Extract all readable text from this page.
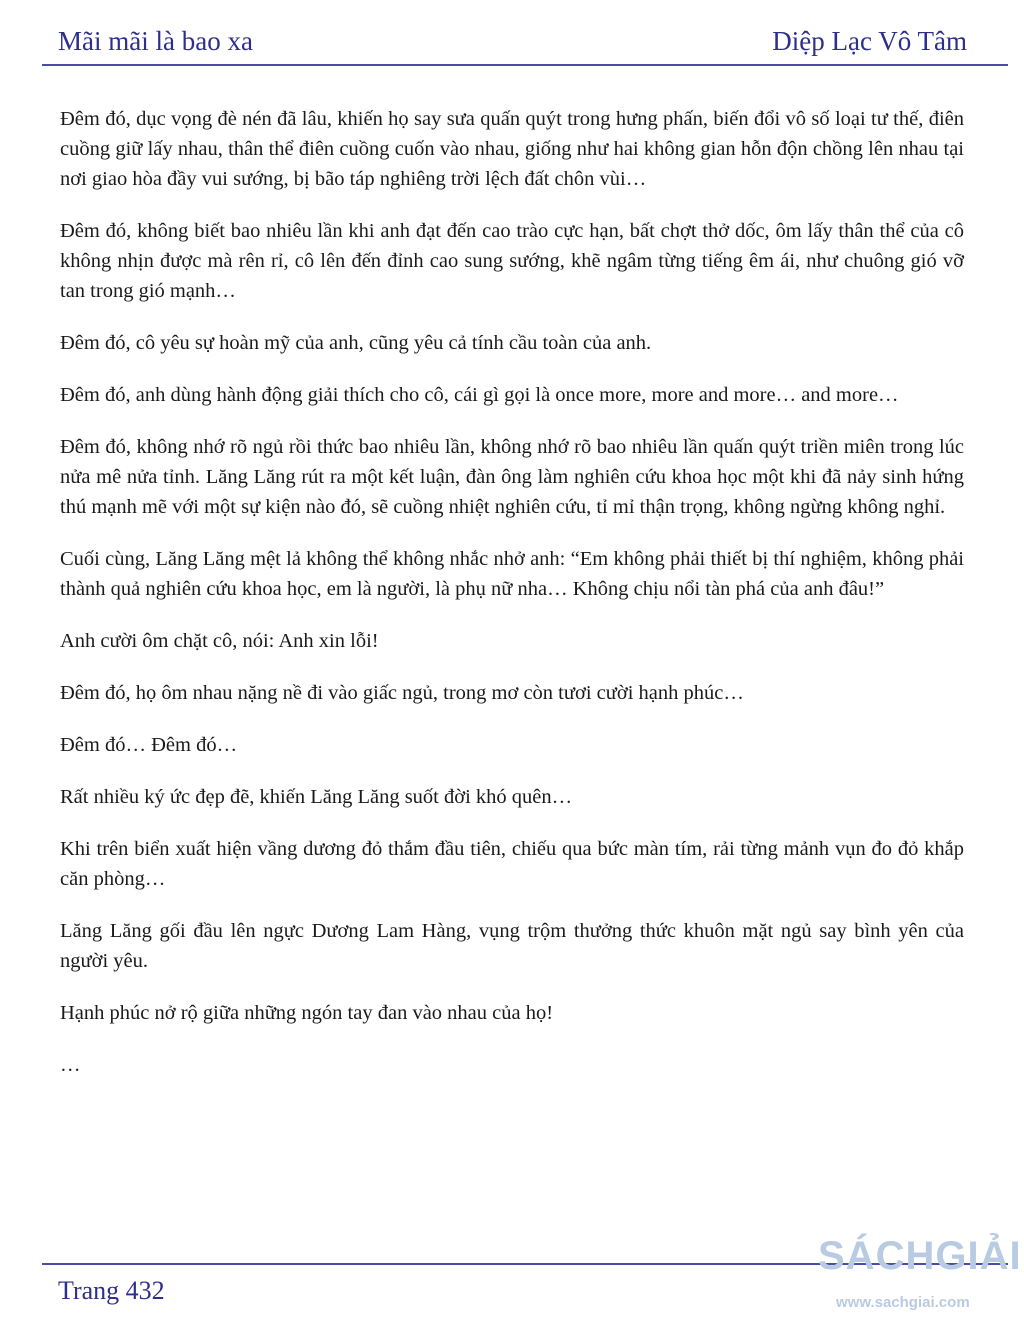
Mãi mãi là bao xa	Diệp Lạc Vô Tâm

Đêm đó, dục vọng đè nén đã lâu, khiến họ say sưa quấn quýt trong hưng phấn, biến đổi vô số loại tư thế, điên cuồng giữ lấy nhau, thân thể điên cuồng cuốn vào nhau, giống như hai không gian hỗn độn chồng lên nhau tại nơi giao hòa đầy vui sướng, bị bão táp nghiêng trời lệch đất chôn vùi…

Đêm đó, không biết bao nhiêu lần khi anh đạt đến cao trào cực hạn, bất chợt thở dốc, ôm lấy thân thể của cô không nhịn được mà rên rỉ, cô lên đến đỉnh cao sung sướng, khẽ ngâm từng tiếng êm ái, như chuông gió vỡ tan trong gió mạnh…

Đêm đó, cô yêu sự hoàn mỹ của anh, cũng yêu cả tính cầu toàn của anh.

Đêm đó, anh dùng hành động giải thích cho cô, cái gì gọi là once more, more and more… and more…

Đêm đó, không nhớ rõ ngủ rồi thức bao nhiêu lần, không nhớ rõ bao nhiêu lần quấn quýt triền miên trong lúc nửa mê nửa tỉnh. Lăng Lăng rút ra một kết luận, đàn ông làm nghiên cứu khoa học một khi đã nảy sinh hứng thú mạnh mẽ với một sự kiện nào đó, sẽ cuồng nhiệt nghiên cứu, tỉ mỉ thận trọng, không ngừng không nghỉ.

Cuối cùng, Lăng Lăng mệt lả không thể không nhắc nhở anh: “Em không phải thiết bị thí nghiệm, không phải thành quả nghiên cứu khoa học, em là người, là phụ nữ nha… Không chịu nổi tàn phá của anh đâu!”

Anh cười ôm chặt cô, nói: Anh xin lỗi!

Đêm đó, họ ôm nhau nặng nề đi vào giấc ngủ, trong mơ còn tươi cười hạnh phúc…

Đêm đó… Đêm đó…

Rất nhiều ký ức đẹp đẽ, khiến Lăng Lăng suốt đời khó quên…

Khi trên biển xuất hiện vầng dương đỏ thắm đầu tiên, chiếu qua bức màn tím, rải từng mảnh vụn đo đỏ khắp căn phòng…

Lăng Lăng gối đầu lên ngực Dương Lam Hàng, vụng trộm thưởng thức khuôn mặt ngủ say bình yên của người yêu.

Hạnh phúc nở rộ giữa những ngón tay đan vào nhau của họ!

…

Trang 432
SÁCHGIẢI
www.sachgiai.com
